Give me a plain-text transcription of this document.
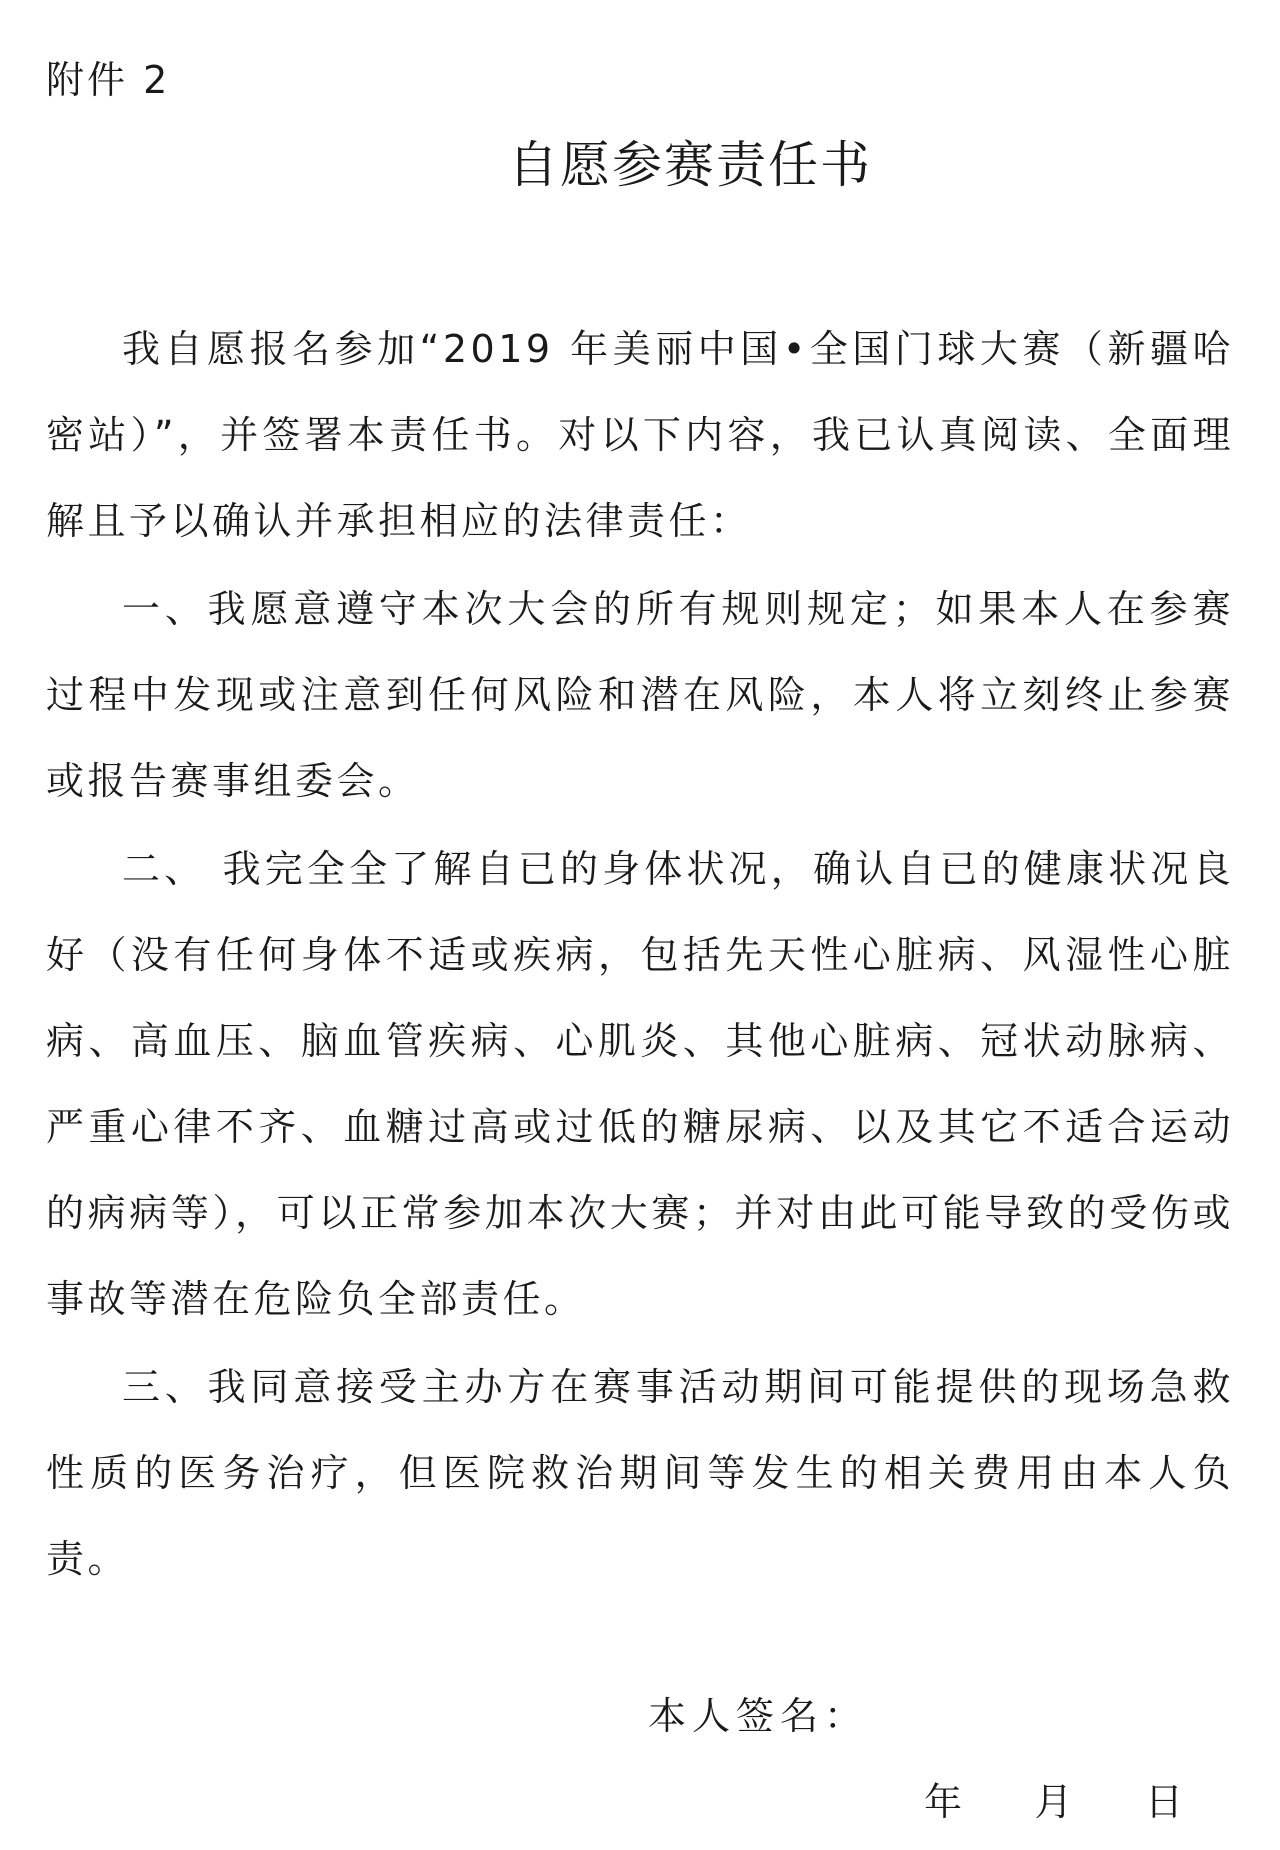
附件 2

自愿参赛责任书

我自愿报名参加“2019 年美丽中国•全国门球大赛（新疆哈密站）”，并签署本责任书。对以下内容，我已认真阅读、全面理解且予以确认并承担相应的法律责任：

一、我愿意遵守本次大会的所有规则规定；如果本人在参赛过程中发现或注意到任何风险和潜在风险，本人将立刻终止参赛或报告赛事组委会。

二、 我完全全了解自已的身体状况，确认自已的健康状况良好（没有任何身体不适或疾病，包括先天性心脏病、风湿性心脏病、高血压、脑血管疾病、心肌炎、其他心脏病、冠状动脉病、严重心律不齐、血糖过高或过低的糖尿病、以及其它不适合运动的病病等），可以正常参加本次大赛；并对由此可能导致的受伤或事故等潜在危险负全部责任。

三、我同意接受主办方在赛事活动期间可能提供的现场急救性质的医务治疗，但医院救治期间等发生的相关费用由本人负责。

本人签名：

年      月      日
